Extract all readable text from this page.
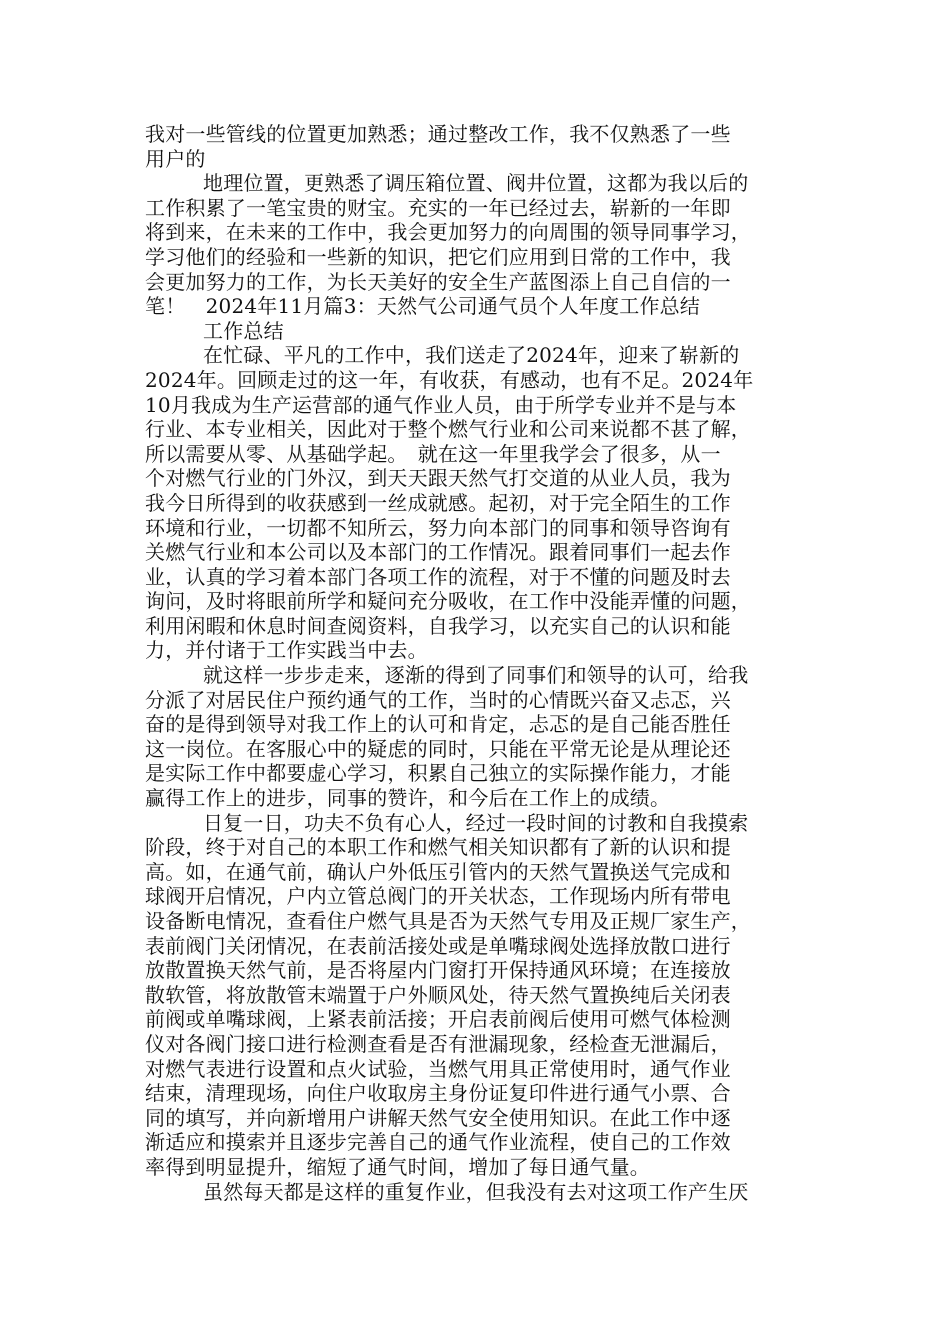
我对一些管线的位置更加熟悉；通过整改工作，我不仅熟悉了一些
用户的
地理位置，更熟悉了调压箱位置、阀井位置，这都为我以后的
工作积累了一笔宝贵的财宝。充实的一年已经过去，崭新的一年即
将到来，在未来的工作中，我会更加努力的向周围的领导同事学习，
学习他们的经验和一些新的知识，把它们应用到日常的工作中，我
会更加努力的工作，为长天美好的安全生产蓝图添上自己自信的一
笔！　2024年11月篇3：天然气公司通气员个人年度工作总结
工作总结
在忙碌、平凡的工作中，我们送走了2024年，迎来了崭新的
2024年。回顾走过的这一年，有收获，有感动，也有不足。2024年
10月我成为生产运营部的通气作业人员，由于所学专业并不是与本
行业、本专业相关，因此对于整个燃气行业和公司来说都不甚了解，
所以需要从零、从基础学起。　就在这一年里我学会了很多，从一
个对燃气行业的门外汉，到天天跟天然气打交道的从业人员，我为
我今日所得到的收获感到一丝成就感。起初，对于完全陌生的工作
环境和行业，一切都不知所云，努力向本部门的同事和领导咨询有
关燃气行业和本公司以及本部门的工作情况。跟着同事们一起去作
业，认真的学习着本部门各项工作的流程，对于不懂的问题及时去
询问，及时将眼前所学和疑问充分吸收，在工作中没能弄懂的问题，
利用闲暇和休息时间查阅资料，自我学习，以充实自己的认识和能
力，并付诸于工作实践当中去。
就这样一步步走来，逐渐的得到了同事们和领导的认可，给我
分派了对居民住户预约通气的工作，当时的心情既兴奋又忐忑，兴
奋的是得到领导对我工作上的认可和肯定，忐忑的是自己能否胜任
这一岗位。在客服心中的疑虑的同时，只能在平常无论是从理论还
是实际工作中都要虚心学习，积累自己独立的实际操作能力，才能
赢得工作上的进步，同事的赞许，和今后在工作上的成绩。
日复一日，功夫不负有心人，经过一段时间的讨教和自我摸索
阶段，终于对自己的本职工作和燃气相关知识都有了新的认识和提
高。如，在通气前，确认户外低压引管内的天然气置换送气完成和
球阀开启情况，户内立管总阀门的开关状态，工作现场内所有带电
设备断电情况，查看住户燃气具是否为天然气专用及正规厂家生产，
表前阀门关闭情况，在表前活接处或是单嘴球阀处选择放散口进行
放散置换天然气前，是否将屋内门窗打开保持通风环境；在连接放
散软管，将放散管末端置于户外顺风处，待天然气置换纯后关闭表
前阀或单嘴球阀，上紧表前活接；开启表前阀后使用可燃气体检测
仪对各阀门接口进行检测查看是否有泄漏现象，经检查无泄漏后，
对燃气表进行设置和点火试验，当燃气用具正常使用时，通气作业
结束，清理现场，向住户收取房主身份证复印件进行通气小票、合
同的填写，并向新增用户讲解天然气安全使用知识。在此工作中逐
渐适应和摸索并且逐步完善自己的通气作业流程，使自己的工作效
率得到明显提升，缩短了通气时间，增加了每日通气量。
虽然每天都是这样的重复作业，但我没有去对这项工作产生厌
